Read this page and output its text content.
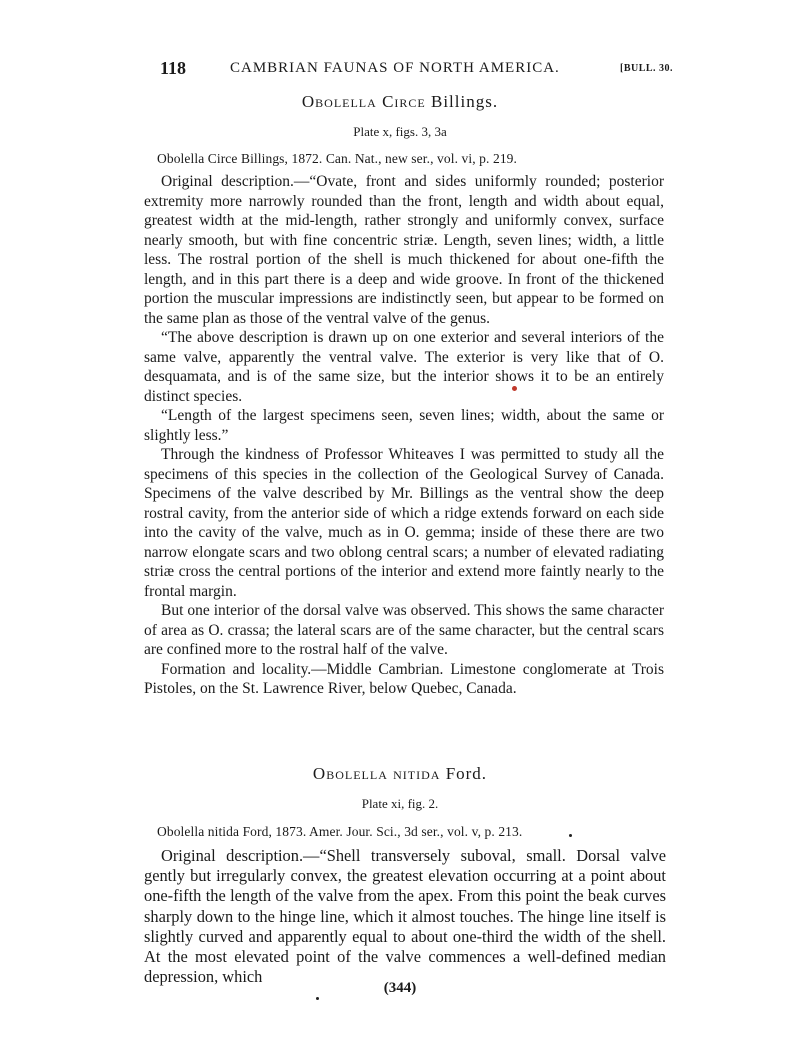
118	CAMBRIAN FAUNAS OF NORTH AMERICA.	[BULL. 30.
Obolella Circe Billings.
Plate x, figs. 3, 3a
Obolella Circe Billings, 1872. Can. Nat., new ser., vol. vi, p. 219.

Original description.—“Ovate, front and sides uniformly rounded; posterior extremity more narrowly rounded than the front, length and width about equal, greatest width at the mid-length, rather strongly and uniformly convex, surface nearly smooth, but with fine concentric striæ. Length, seven lines; width, a little less. The rostral portion of the shell is much thickened for about one-fifth the length, and in this part there is a deep and wide groove. In front of the thickened portion the muscular impressions are indistinctly seen, but appear to be formed on the same plan as those of the ventral valve of the genus.

“The above description is drawn up on one exterior and several interiors of the same valve, apparently the ventral valve. The exterior is very like that of O. desquamata, and is of the same size, but the interior shows it to be an entirely distinct species.

“Length of the largest specimens seen, seven lines; width, about the same or slightly less.”

Through the kindness of Professor Whiteaves I was permitted to study all the specimens of this species in the collection of the Geological Survey of Canada. Specimens of the valve described by Mr. Billings as the ventral show the deep rostral cavity, from the anterior side of which a ridge extends forward on each side into the cavity of the valve, much as in O. gemma; inside of these there are two narrow elongate scars and two oblong central scars; a number of elevated radiating striæ cross the central portions of the interior and extend more faintly nearly to the frontal margin.

But one interior of the dorsal valve was observed. This shows the same character of area as O. crassa; the lateral scars are of the same character, but the central scars are confined more to the rostral half of the valve.

Formation and locality.—Middle Cambrian. Limestone conglomerate at Trois Pistoles, on the St. Lawrence River, below Quebec, Canada.

Obolella nitida Ford.
Plate xi, fig. 2.
Obolella nitida Ford, 1873. Amer. Jour. Sci., 3d ser., vol. v, p. 213.

Original description.—“Shell transversely suboval, small. Dorsal valve gently but irregularly convex, the greatest elevation occurring at a point about one-fifth the length of the valve from the apex. From this point the beak curves sharply down to the hinge line, which it almost touches. The hinge line itself is slightly curved and apparently equal to about one-third the width of the shell. At the most elevated point of the valve commences a well-defined median depression, which

(344)
